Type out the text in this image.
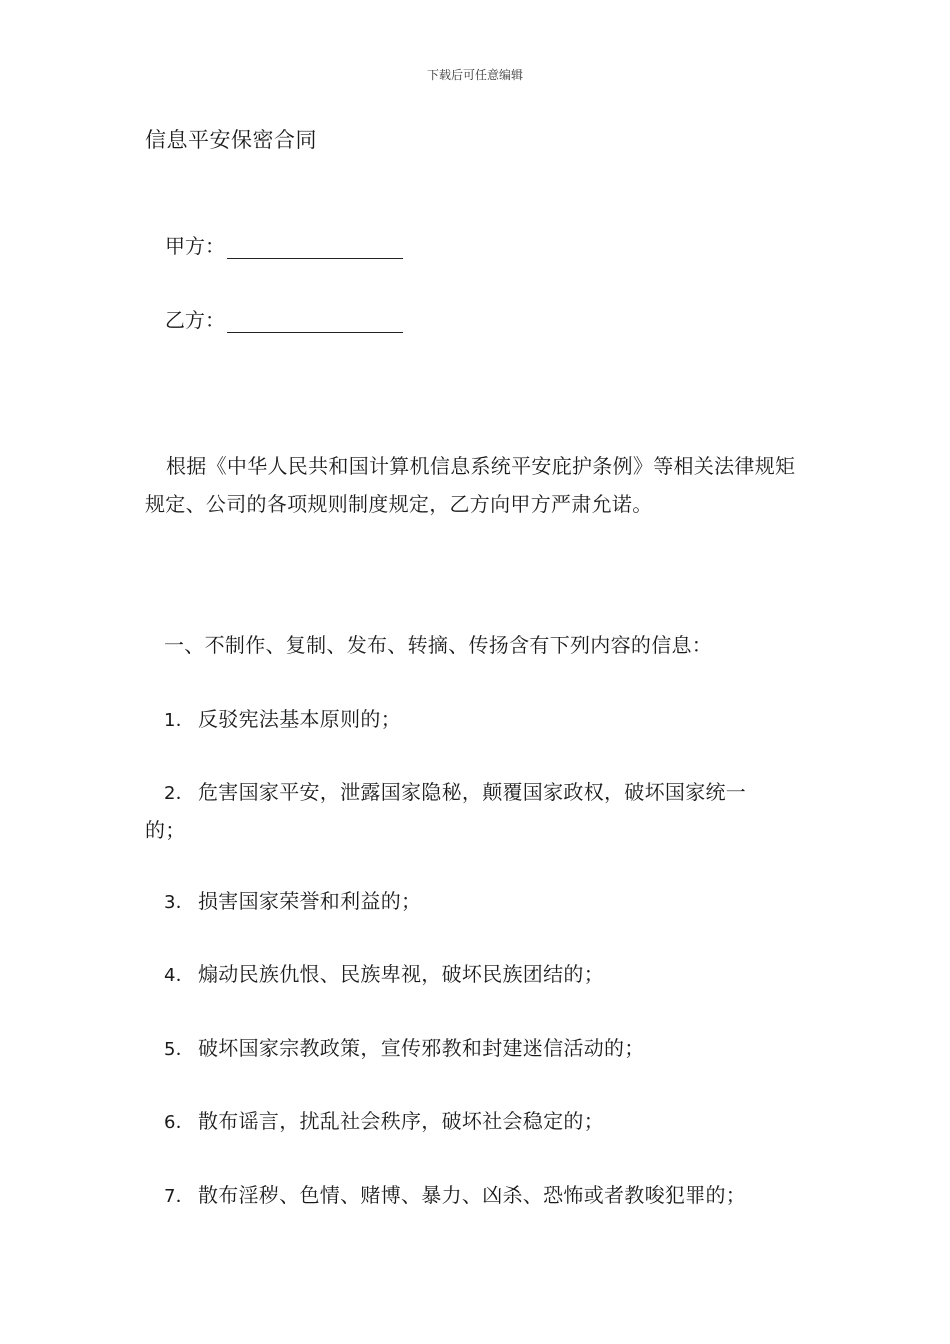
下载后可任意编辑
信息平安保密合同
甲方：
乙方：
根据《中华人民共和国计算机信息系统平安庇护条例》等相关法律规矩规定、公司的各项规则制度规定，乙方向甲方严肃允诺。
一、不制作、复制、发布、转摘、传扬含有下列内容的信息：
1． 反驳宪法基本原则的；
2． 危害国家平安，泄露国家隐秘，颠覆国家政权，破坏国家统一
的；
3． 损害国家荣誉和利益的；
4． 煽动民族仇恨、民族卑视，破坏民族团结的；
5． 破坏国家宗教政策，宣传邪教和封建迷信活动的；
6． 散布谣言，扰乱社会秩序，破坏社会稳定的；
7． 散布淫秽、色情、赌博、暴力、凶杀、恐怖或者教唆犯罪的；
